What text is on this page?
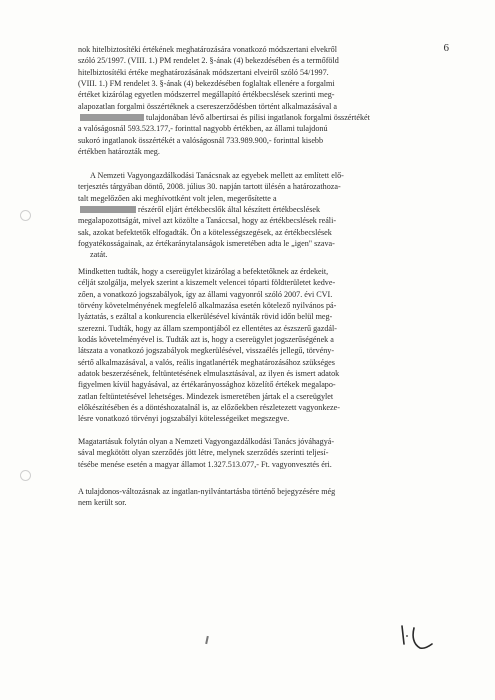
6

nok hitelbiztosítéki értékének meghatározására vonatkozó módszertani elvekről
szóló 25/1997. (VIII. 1.) PM rendelet 2. §-ának (4) bekezdésében és a termőföld
hitelbiztosítéki értéke meghatározásának módszertani elveiről szóló 54/1997.
(VIII. 1.) FM rendelet 3. §-ának (4) bekezdésében foglaltak ellenére a forgalmi
értéket kizárólag egyetlen módszerrel megállapító értékbecslések szerinti meg-
alapozatlan forgalmi összértéknek a csereszerződésben történt alkalmazásával a
tulajdonában lévő albertirsai és pilisi ingatlanok forgalmi összértékét
a valóságosnál 593.523.177,- forinttal nagyobb értékben, az állami tulajdonú
sukoró ingatlanok összértékét a valóságosnál 733.989.900,- forinttal kisebb
értékben határozták meg.

A Nemzeti Vagyongazdálkodási Tanácsnak az egyebek mellett az említett elő-
terjesztés tárgyában döntő, 2008. július 30. napján tartott ülésén a határozathoza-
talt megelőzően aki meghívottként volt jelen, megerősítette a
részéről eljárt értékbecslők által készített értékbecslések
megalapozottságát, mivel azt közölte a Tanáccsal, hogy az értékbecslések reáli-
sak, azokat befektetők elfogadták. Ön a kötelességszegések, az értékbecslések
fogyatékosságainak, az értékaránytalanságok ismeretében adta le „igen" szava-
zatát.

Mindketten tudták, hogy a csereügylet kizárólag a befektetőknek az érdekeit,
célját szolgálja, melyek szerint a kiszemelt velencei tóparti földterületet kedve-
zően, a vonatkozó jogszabályok, így az állami vagyonról szóló 2007. évi CVI.
törvény követelményének megfelelő alkalmazása esetén kötelező nyilvános pá-
lyáztatás, s ezáltal a konkurencia elkerülésével kívánták rövid időn belül meg-
szerezni. Tudták, hogy az állam szempontjából ez ellentétes az észszerű gazdál-
kodás követelményével is. Tudták azt is, hogy a csereügylet jogszerűségének a
látszata a vonatkozó jogszabályok megkerülésével, visszaélés jellegű, törvény-
sértő alkalmazásával, a valós, reális ingatlanérték meghatározásához szükséges
adatok beszerzésének, feltüntetésének elmulasztásával, az ilyen és ismert adatok
figyelmen kívül hagyásával, az értékarányossághoz közelítő értékek megalapo-
zatlan feltüntetésével lehetséges. Mindezek ismeretében jártak el a csereügylet
előkészítésében és a döntéshozatalnál is, az előzőekben részletezett vagyonkeze-
lésre vonatkozó törvényi jogszabályi kötelességeiket megszegve.

Magatartásuk folytán olyan a Nemzeti Vagyongazdálkodási Tanács jóváhagyá-
sával megkötött olyan szerződés jött létre, melynek szerződés szerinti teljesí-
tésébe menése esetén a magyar államot 1.327.513.077,- Ft. vagyonvesztés éri.

A tulajdonos-változásnak az ingatlan-nyilvántartásba történő bejegyzésére még
nem került sor.
